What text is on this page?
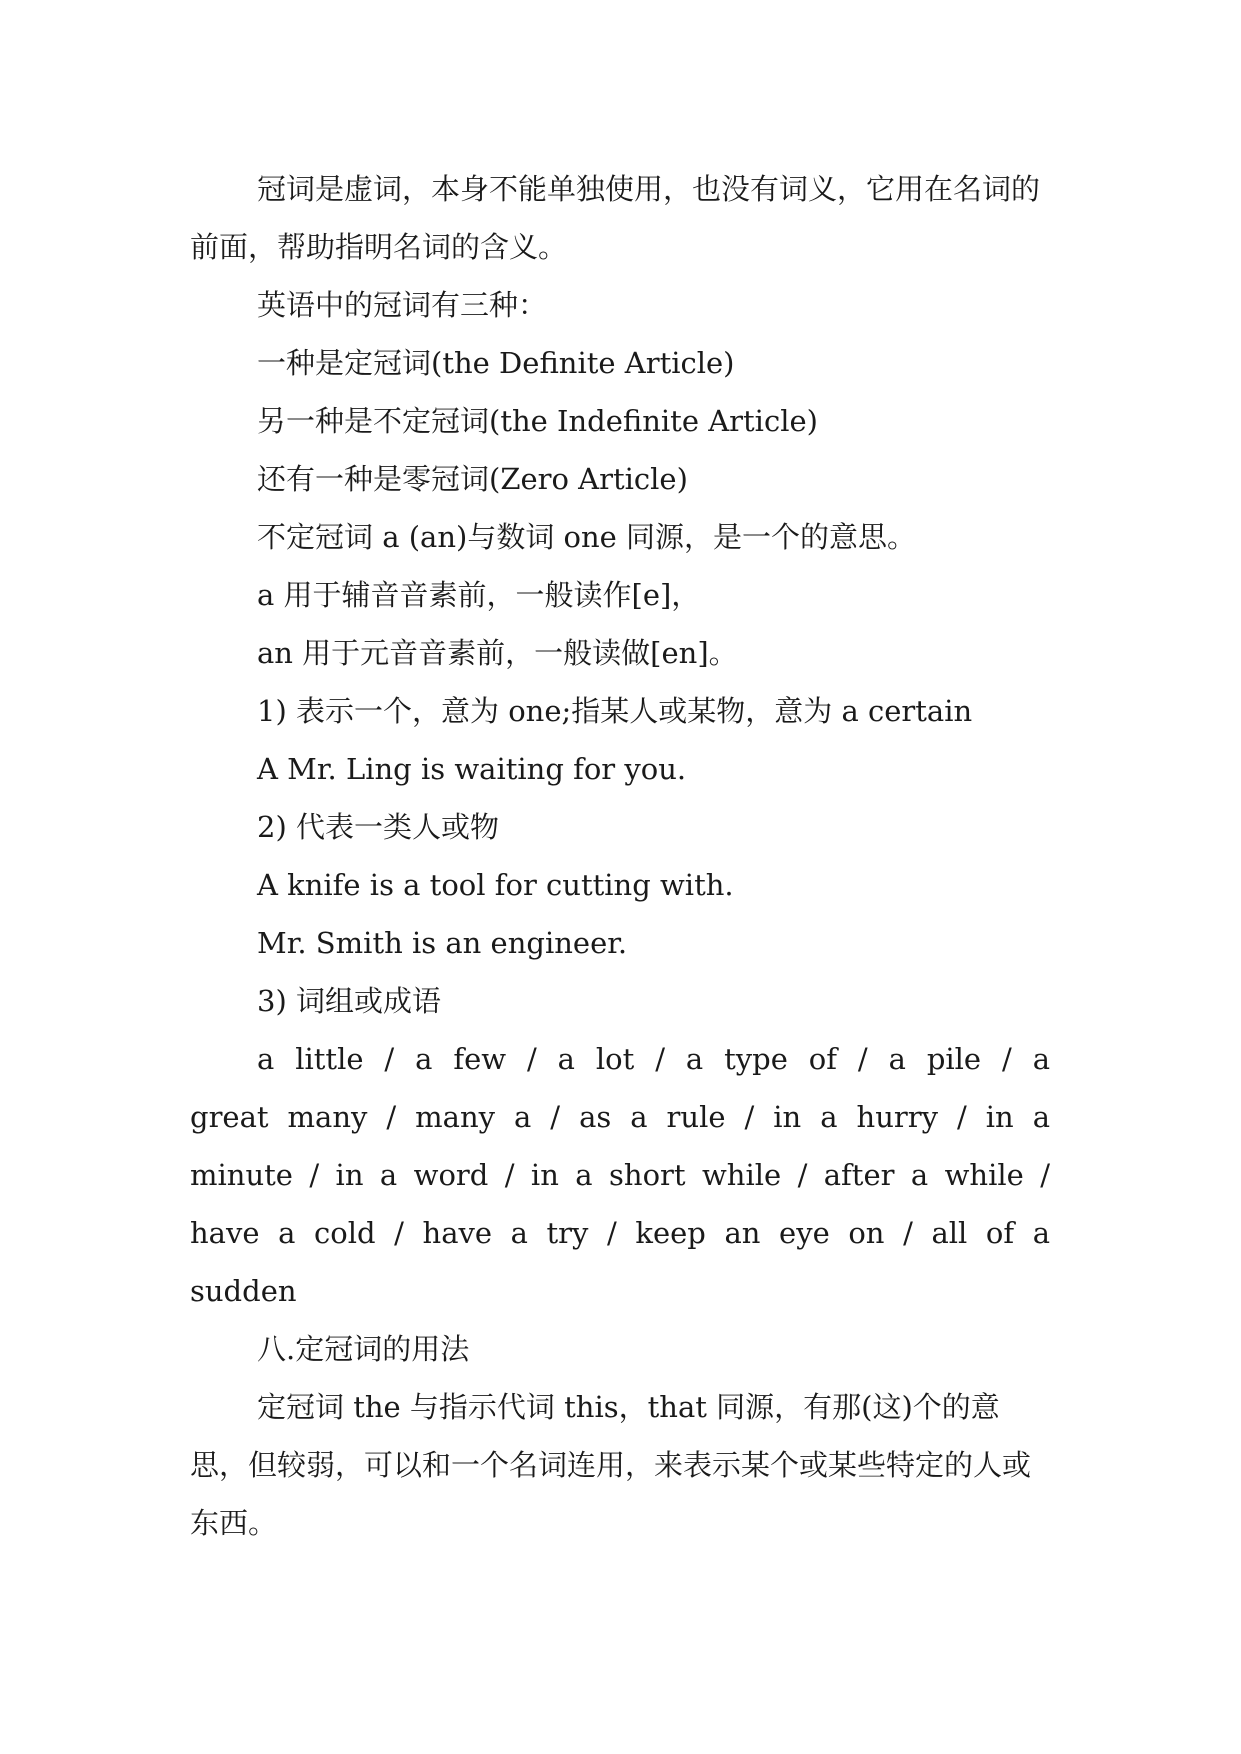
冠词是虚词，本身不能单独使用，也没有词义，它用在名词的前面，帮助指明名词的含义。

英语中的冠词有三种：

一种是定冠词(the Definite Article)

另一种是不定冠词(the Indefinite Article)

还有一种是零冠词(Zero Article)

不定冠词 a (an)与数词 one 同源，是一个的意思。

a 用于辅音音素前，一般读作[e]，

an 用于元音音素前，一般读做[en]。

1) 表示一个，意为 one;指某人或某物，意为 a certain

A Mr. Ling is waiting for you.

2) 代表一类人或物

A knife is a tool for cutting with.

Mr. Smith is an engineer.

3) 词组或成语

a little / a few / a lot / a type of / a pile / a great many / many a / as a rule / in a hurry / in a minute / in a word / in a short while / after a while / have a cold / have a try / keep an eye on / all of a sudden

八.定冠词的用法

定冠词 the 与指示代词 this，that 同源，有那(这)个的意思，但较弱，可以和一个名词连用，来表示某个或某些特定的人或东西。
